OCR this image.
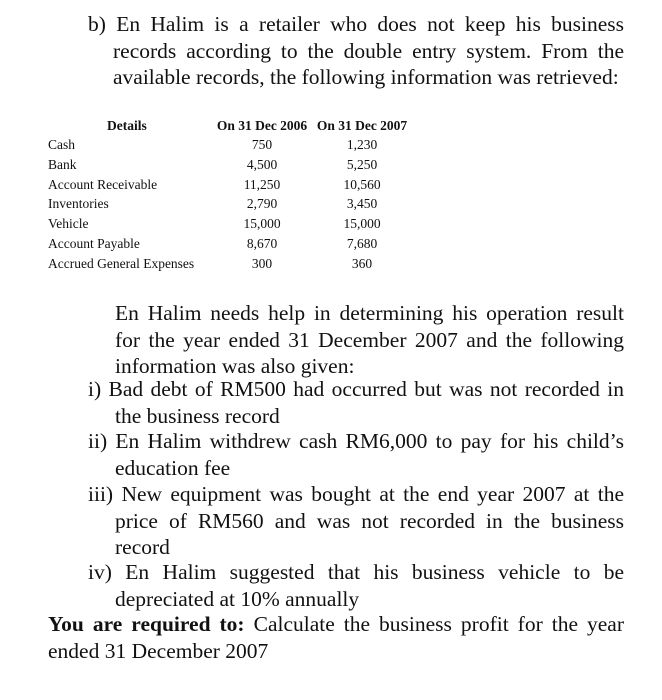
b) En Halim is a retailer who does not keep his business records according to the double entry system. From the available records, the following information was retrieved:
Details	On 31 Dec 2006 On 31 Dec 2007
Cash	750	1,230
Bank	4,500	5,250
Account Receivable	11,250	10,560
Inventories	2,790	3,450
Vehicle	15,000	15,000
Account Payable	8,670	7,680
Accrued General Expenses	300	360
En Halim needs help in determining his operation result for the year ended 31 December 2007 and the following information was also given:
i) Bad debt of RM500 had occurred but was not recorded in the business record
ii) En Halim withdrew cash RM6,000 to pay for his child’s education fee
iii) New equipment was bought at the end year 2007 at the price of RM560 and was not recorded in the business record
iv) En Halim suggested that his business vehicle to be depreciated at 10% annually
You are required to: Calculate the business profit for the year ended 31 December 2007
